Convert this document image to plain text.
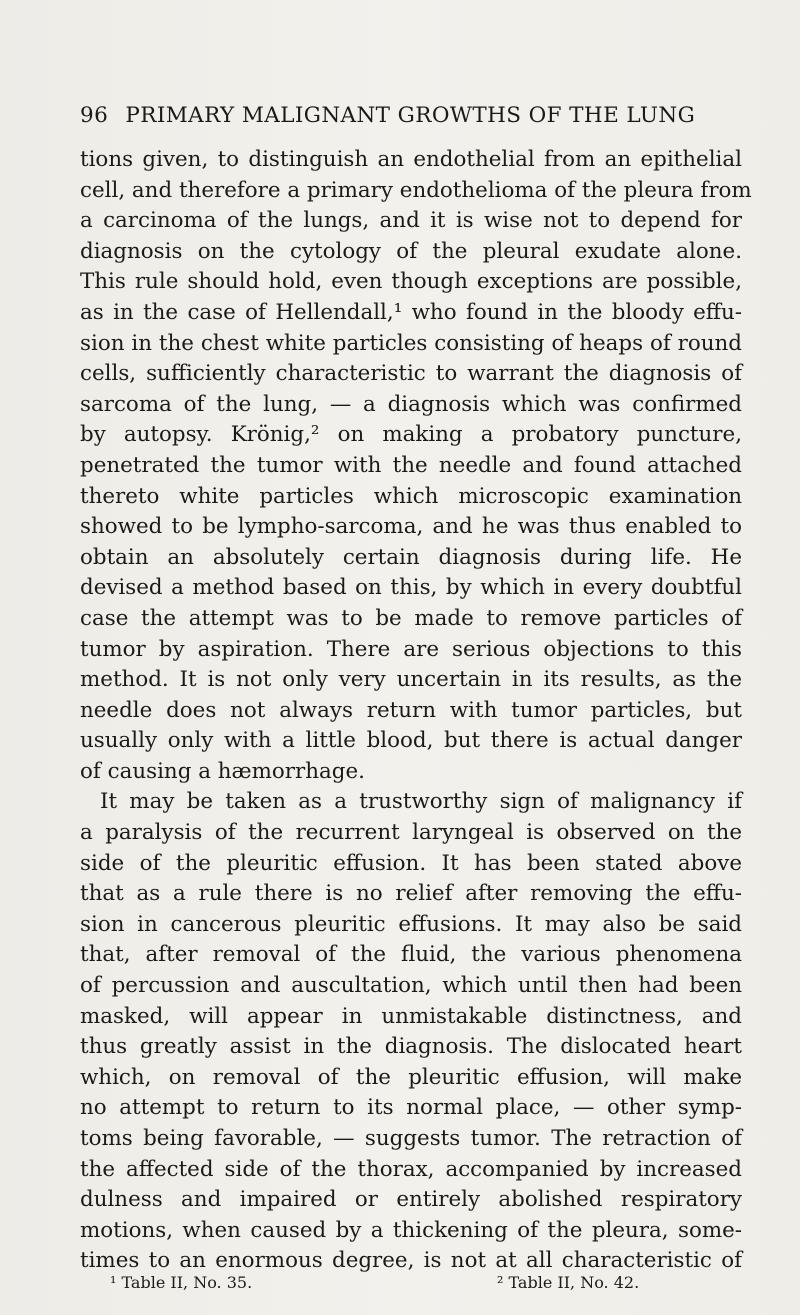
96 PRIMARY MALIGNANT GROWTHS OF THE LUNG
tions given, to distinguish an endothelial from an epithelial
cell, and therefore a primary endothelioma of the pleura from
a carcinoma of the lungs, and it is wise not to depend for
diagnosis on the cytology of the pleural exudate alone.
This rule should hold, even though exceptions are possible,
as in the case of Hellendall,¹ who found in the bloody effu-
sion in the chest white particles consisting of heaps of round
cells, sufficiently characteristic to warrant the diagnosis of
sarcoma of the lung, — a diagnosis which was confirmed
by autopsy. Krönig,² on making a probatory puncture,
penetrated the tumor with the needle and found attached
thereto white particles which microscopic examination
showed to be lympho-sarcoma, and he was thus enabled to
obtain an absolutely certain diagnosis during life. He
devised a method based on this, by which in every doubtful
case the attempt was to be made to remove particles of
tumor by aspiration. There are serious objections to this
method. It is not only very uncertain in its results, as the
needle does not always return with tumor particles, but
usually only with a little blood, but there is actual danger
of causing a hæmorrhage.
It may be taken as a trustworthy sign of malignancy if
a paralysis of the recurrent laryngeal is observed on the
side of the pleuritic effusion. It has been stated above
that as a rule there is no relief after removing the effu-
sion in cancerous pleuritic effusions. It may also be said
that, after removal of the fluid, the various phenomena
of percussion and auscultation, which until then had been
masked, will appear in unmistakable distinctness, and
thus greatly assist in the diagnosis. The dislocated heart
which, on removal of the pleuritic effusion, will make
no attempt to return to its normal place, — other symp-
toms being favorable, — suggests tumor. The retraction of
the affected side of the thorax, accompanied by increased
dulness and impaired or entirely abolished respiratory
motions, when caused by a thickening of the pleura, some-
times to an enormous degree, is not at all characteristic of
¹ Table II, No. 35.	² Table II, No. 42.
